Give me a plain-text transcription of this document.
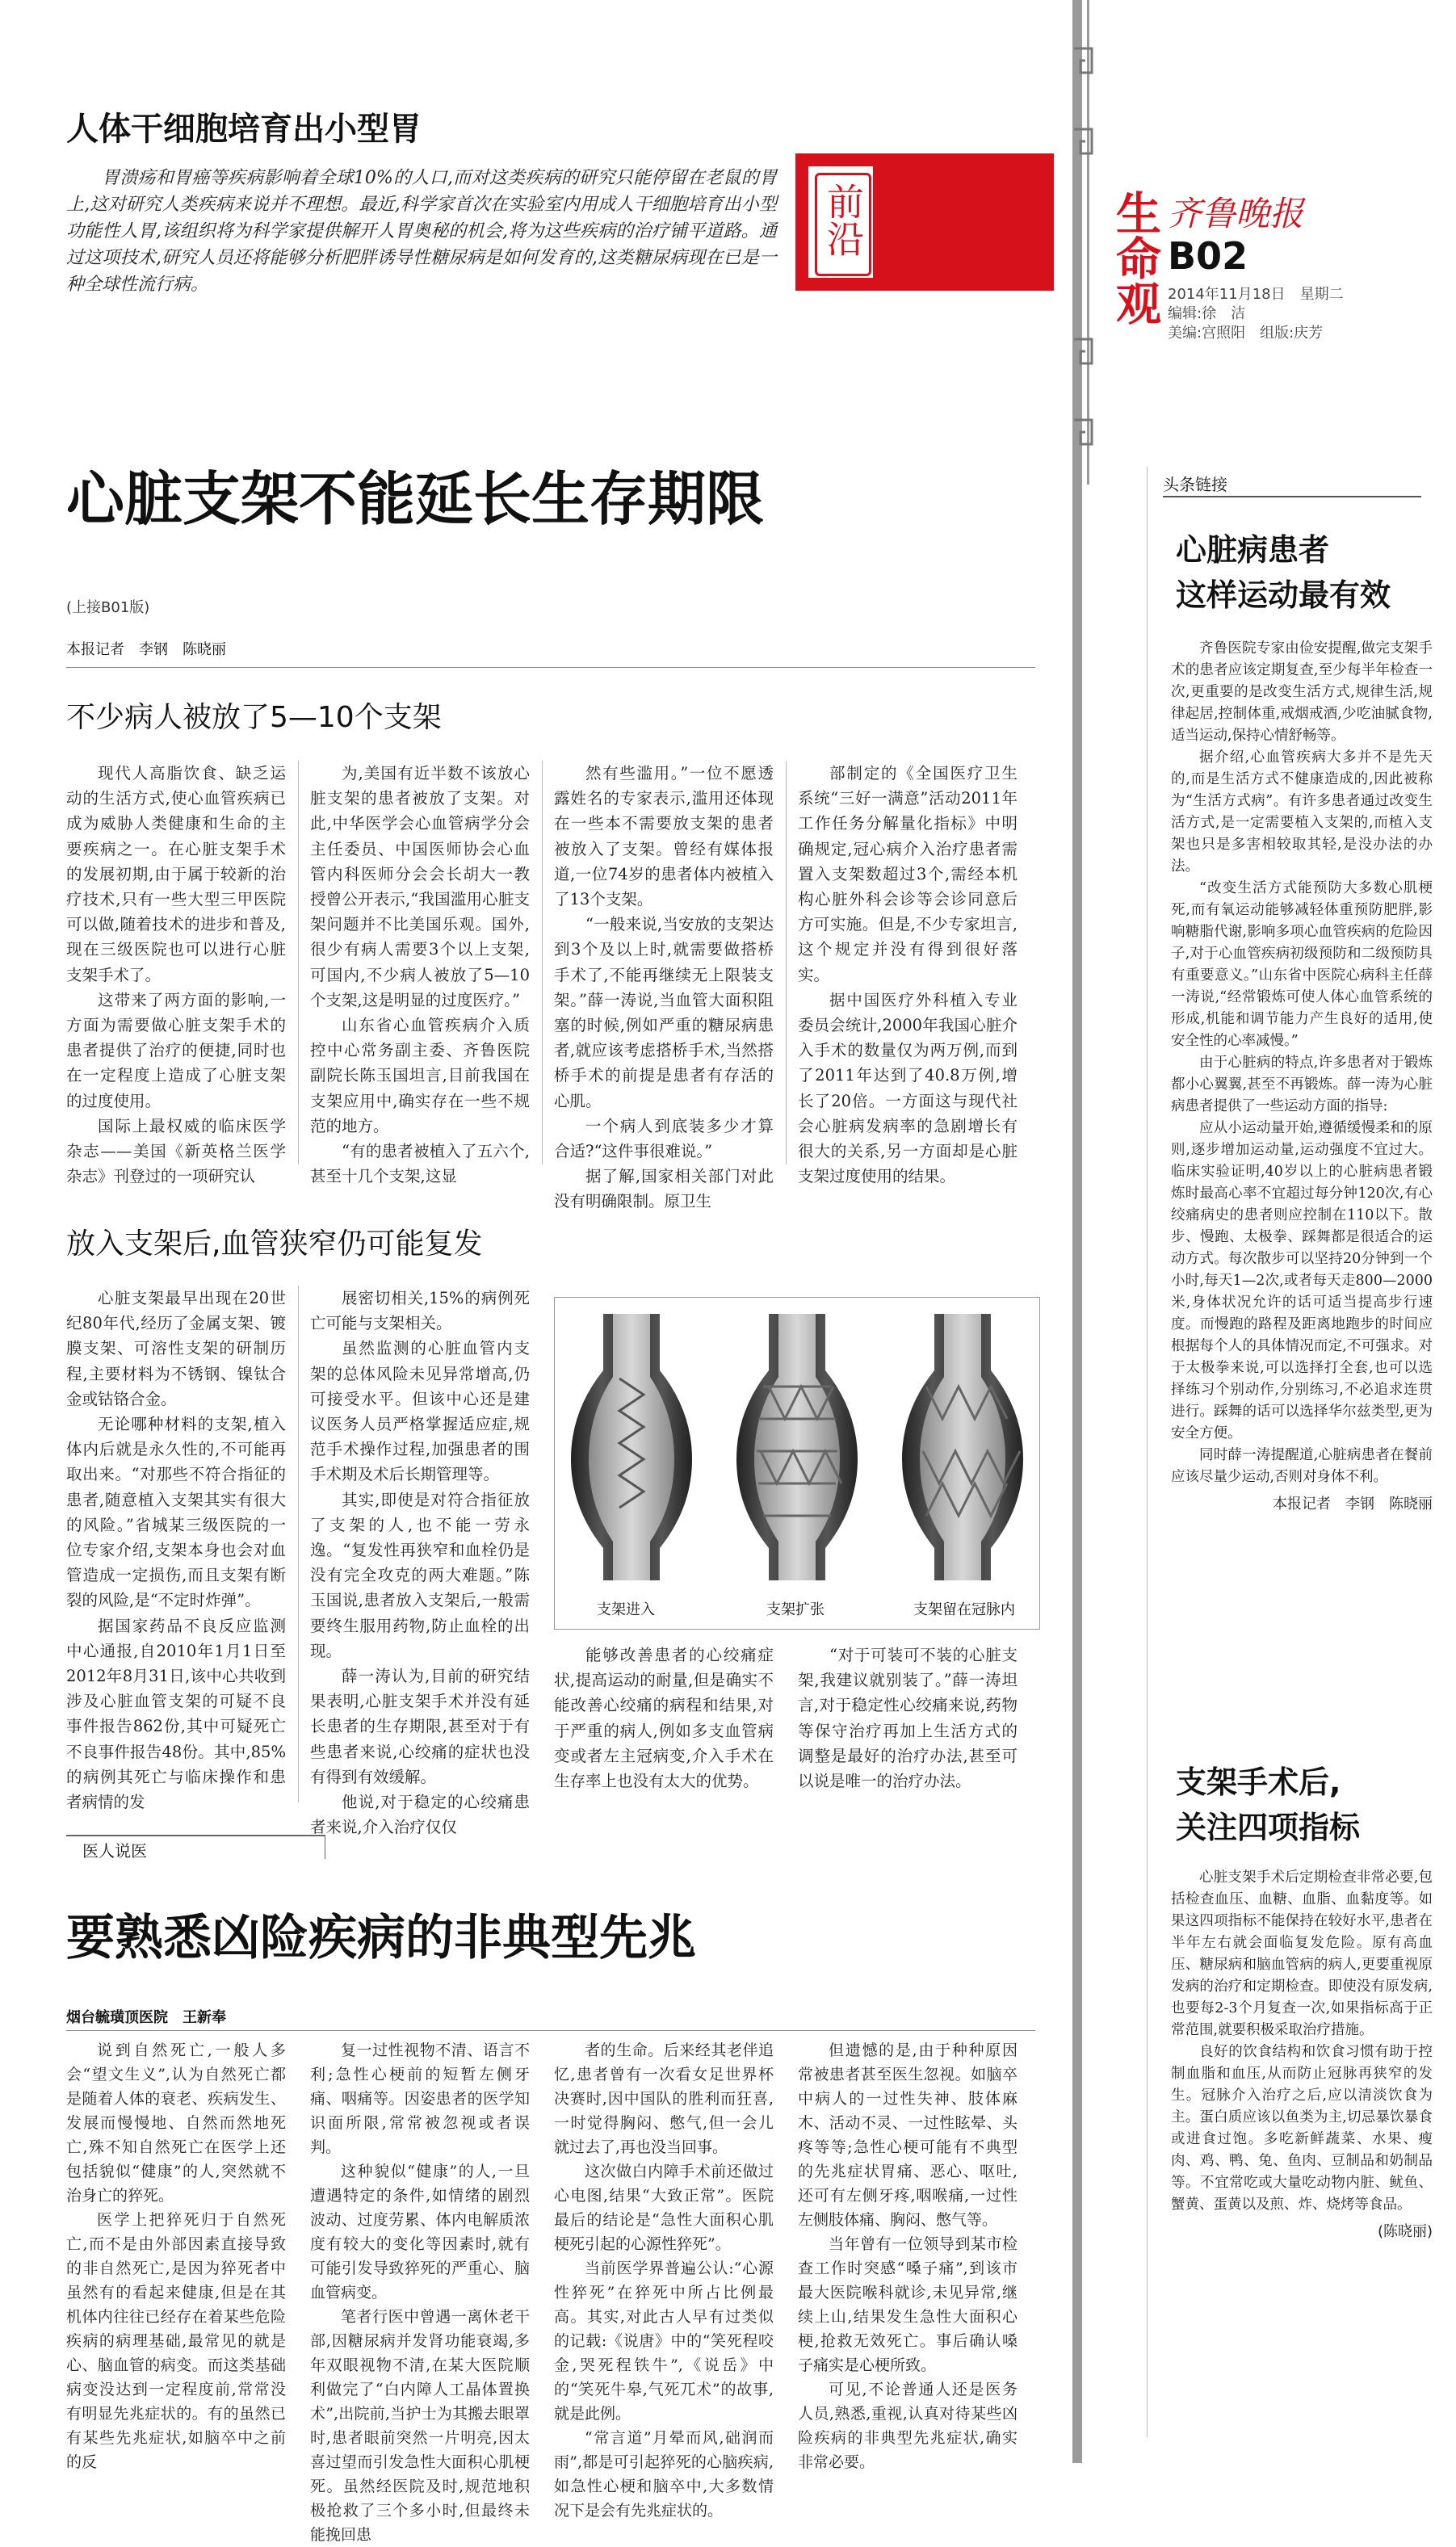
前沿	生命观 齐鲁晚报
B02
2014年11月18日　星期二
编辑:徐　洁
美编:宫照阳　组版:庆芳
人体干细胞培育出小型胃

胃溃疡和胃癌等疾病影响着全球10%的人口,而对这类疾病的研究只能停留在老鼠的胃上,这对研究人类疾病来说并不理想。最近,科学家首次在实验室内用成人干细胞培育出小型功能性人胃,该组织将为科学家提供解开人胃奥秘的机会,将为这些疾病的治疗铺平道路。通过这项技术,研究人员还将能够分析肥胖诱导性糖尿病是如何发育的,这类糖尿病现在已是一种全球性流行病。

心脏支架不能延长生存期限
(上接B01版)
本报记者　李钢　陈晓丽
不少病人被放了5—10个支架

现代人高脂饮食、缺乏运动的生活方式,使心血管疾病已成为威胁人类健康和生命的主要疾病之一。在心脏支架手术的发展初期,由于属于较新的治疗技术,只有一些大型三甲医院可以做,随着技术的进步和普及,现在三级医院也可以进行心脏支架手术了。

这带来了两方面的影响,一方面为需要做心脏支架手术的患者提供了治疗的便捷,同时也在一定程度上造成了心脏支架的过度使用。

国际上最权威的临床医学杂志——美国《新英格兰医学杂志》刊登过的一项研究认

为,美国有近半数不该放心脏支架的患者被放了支架。对此,中华医学会心血管病学分会主任委员、中国医师协会心血管内科医师分会会长胡大一教授曾公开表示,“我国滥用心脏支架问题并不比美国乐观。国外,很少有病人需要3个以上支架,可国内,不少病人被放了5—10个支架,这是明显的过度医疗。”

山东省心血管疾病介入质控中心常务副主委、齐鲁医院副院长陈玉国坦言,目前我国在支架应用中,确实存在一些不规范的地方。

“有的患者被植入了五六个,甚至十几个支架,这显

然有些滥用。”一位不愿透露姓名的专家表示,滥用还体现在一些本不需要放支架的患者被放入了支架。曾经有媒体报道,一位74岁的患者体内被植入了13个支架。

“一般来说,当安放的支架达到3个及以上时,就需要做搭桥手术了,不能再继续无上限装支架。”薛一涛说,当血管大面积阻塞的时候,例如严重的糖尿病患者,就应该考虑搭桥手术,当然搭桥手术的前提是患者有存活的心肌。

一个病人到底装多少才算合适?“这件事很难说。”

据了解,国家相关部门对此没有明确限制。原卫生

部制定的《全国医疗卫生系统“三好一满意”活动2011年工作任务分解量化指标》中明确规定,冠心病介入治疗患者需置入支架数超过3个,需经本机构心脏外科会诊等会诊同意后方可实施。但是,不少专家坦言,这个规定并没有得到很好落实。

据中国医疗外科植入专业委员会统计,2000年我国心脏介入手术的数量仅为两万例,而到了2011年达到了40.8万例,增长了20倍。一方面这与现代社会心脏病发病率的急剧增长有很大的关系,另一方面却是心脏支架过度使用的结果。

放入支架后,血管狭窄仍可能复发

心脏支架最早出现在20世纪80年代,经历了金属支架、镀膜支架、可溶性支架的研制历程,主要材料为不锈钢、镍钛合金或钴铬合金。

无论哪种材料的支架,植入体内后就是永久性的,不可能再取出来。“对那些不符合指征的患者,随意植入支架其实有很大的风险。”省城某三级医院的一位专家介绍,支架本身也会对血管造成一定损伤,而且支架有断裂的风险,是“不定时炸弹”。

据国家药品不良反应监测中心通报,自2010年1月1日至2012年8月31日,该中心共收到涉及心脏血管支架的可疑不良事件报告862份,其中可疑死亡不良事件报告48份。其中,85%的病例其死亡与临床操作和患者病情的发

展密切相关,15%的病例死亡可能与支架相关。

虽然监测的心脏血管内支架的总体风险未见异常增高,仍可接受水平。但该中心还是建议医务人员严格掌握适应症,规范手术操作过程,加强患者的围手术期及术后长期管理等。

其实,即使是对符合指征放了支架的人,也不能一劳永逸。“复发性再狭窄和血栓仍是没有完全攻克的两大难题。”陈玉国说,患者放入支架后,一般需要终生服用药物,防止血栓的出现。

薛一涛认为,目前的研究结果表明,心脏支架手术并没有延长患者的生存期限,甚至对于有些患者来说,心绞痛的症状也没有得到有效缓解。

他说,对于稳定的心绞痛患者来说,介入治疗仅仅

支架进入	支架扩张	支架留在冠脉内

能够改善患者的心绞痛症状,提高运动的耐量,但是确实不能改善心绞痛的病程和结果,对于严重的病人,例如多支血管病变或者左主冠病变,介入手术在生存率上也没有太大的优势。

“对于可装可不装的心脏支架,我建议就别装了。”薛一涛坦言,对于稳定性心绞痛来说,药物等保守治疗再加上生活方式的调整是最好的治疗办法,甚至可以说是唯一的治疗办法。

医人说医
要熟悉凶险疾病的非典型先兆
烟台毓璜顶医院　王新奉

说到自然死亡,一般人多会“望文生义”,认为自然死亡都是随着人体的衰老、疾病发生、发展而慢慢地、自然而然地死亡,殊不知自然死亡在医学上还包括貌似“健康”的人,突然就不治身亡的猝死。

医学上把猝死归于自然死亡,而不是由外部因素直接导致的非自然死亡,是因为猝死者中虽然有的看起来健康,但是在其机体内往往已经存在着某些危险疾病的病理基础,最常见的就是心、脑血管的病变。而这类基础病变没达到一定程度前,常常没有明显先兆症状的。有的虽然已有某些先兆症状,如脑卒中之前的反

复一过性视物不清、语言不利;急性心梗前的短暂左侧牙痛、咽痛等。因姿患者的医学知识面所限,常常被忽视或者误判。

这种貌似“健康”的人,一旦遭遇特定的条件,如情绪的剧烈波动、过度劳累、体内电解质浓度有较大的变化等因素时,就有可能引发导致猝死的严重心、脑血管病变。

笔者行医中曾遇一离休老干部,因糖尿病并发肾功能衰竭,多年双眼视物不清,在某大医院顺利做完了“白内障人工晶体置换术”,出院前,当护士为其搬去眼罩时,患者眼前突然一片明亮,因太喜过望而引发急性大面积心肌梗死。虽然经医院及时,规范地积极抢救了三个多小时,但最终未能挽回患

者的生命。后来经其老伴追忆,患者曾有一次看女足世界杯决赛时,因中国队的胜利而狂喜,一时觉得胸闷、憋气,但一会儿就过去了,再也没当回事。

这次做白内障手术前还做过心电图,结果“大致正常”。医院最后的结论是“急性大面积心肌梗死引起的心源性猝死”。

当前医学界普遍公认:“心源性猝死”在猝死中所占比例最高。其实,对此古人早有过类似的记载:《说唐》中的“笑死程咬金,哭死程铁牛”,《说岳》中的“笑死牛皋,气死兀术”的故事,就是此例。

“常言道”月晕而风,础润而雨”,都是可引起猝死的心脑疾病,如急性心梗和脑卒中,大多数情况下是会有先兆症状的。

但遗憾的是,由于种种原因常被患者甚至医生忽视。如脑卒中病人的一过性失神、肢体麻木、活动不灵、一过性眩晕、头疼等等;急性心梗可能有不典型的先兆症状胃痛、恶心、呕吐,还可有左侧牙疼,咽喉痛,一过性左侧肢体痛、胸闷、憋气等。

当年曾有一位领导到某市检查工作时突感“嗓子痛”,到该市最大医院喉科就诊,未见异常,继续上山,结果发生急性大面积心梗,抢救无效死亡。事后确认嗓子痛实是心梗所致。

可见,不论普通人还是医务人员,熟悉,重视,认真对待某些凶险疾病的非典型先兆症状,确实非常必要。

头条链接
心脏病患者
这样运动最有效

齐鲁医院专家由俭安提醒,做完支架手术的患者应该定期复查,至少每半年检查一次,更重要的是改变生活方式,规律生活,规律起居,控制体重,戒烟戒酒,少吃油腻食物,适当运动,保持心情舒畅等。

据介绍,心血管疾病大多并不是先天的,而是生活方式不健康造成的,因此被称为“生活方式病”。有许多患者通过改变生活方式,是一定需要植入支架的,而植入支架也只是多害相较取其轻,是没办法的办法。

“改变生活方式能预防大多数心肌梗死,而有氧运动能够减轻体重预防肥胖,影响糖脂代谢,影响多项心血管疾病的危险因子,对于心血管疾病初级预防和二级预防具有重要意义。”山东省中医院心病科主任薛一涛说,“经常锻炼可使人体心血管系统的形成,机能和调节能力产生良好的适用,使安全性的心率减慢。”

由于心脏病的特点,许多患者对于锻炼都小心翼翼,甚至不再锻炼。薛一涛为心脏病患者提供了一些运动方面的指导:

应从小运动量开始,遵循缓慢柔和的原则,逐步增加运动量,运动强度不宜过大。临床实验证明,40岁以上的心脏病患者锻炼时最高心率不宜超过每分钟120次,有心绞痛病史的患者则应控制在110以下。散步、慢跑、太极拳、踩舞都是很适合的运动方式。每次散步可以坚持20分钟到一个小时,每天1—2次,或者每天走800—2000米,身体状况允许的话可适当提高步行速度。而慢跑的路程及距离地跑步的时间应根据每个人的具体情况而定,不可强求。对于太极拳来说,可以选择打全套,也可以选择练习个别动作,分别练习,不必追求连贯进行。踩舞的话可以选择华尔兹类型,更为安全方便。

同时薛一涛提醒道,心脏病患者在餐前应该尽量少运动,否则对身体不利。

本报记者　李钢　陈晓丽
支架手术后,
关注四项指标

心脏支架手术后定期检查非常必要,包括检查血压、血糖、血脂、血黏度等。如果这四项指标不能保持在较好水平,患者在半年左右就会面临复发危险。原有高血压、糖尿病和脑血管病的病人,更要重视原发病的治疗和定期检查。即使没有原发病,也要每2-3个月复查一次,如果指标高于正常范围,就要积极采取治疗措施。

良好的饮食结构和饮食习惯有助于控制血脂和血压,从而防止冠脉再狭窄的发生。冠脉介入治疗之后,应以清淡饮食为主。蛋白质应该以鱼类为主,切忌暴饮暴食或进食过饱。多吃新鲜蔬菜、水果、瘦肉、鸡、鸭、兔、鱼肉、豆制品和奶制品等。不宜常吃或大量吃动物内脏、鱿鱼、蟹黄、蛋黄以及煎、炸、烧烤等食品。

(陈晓丽)
